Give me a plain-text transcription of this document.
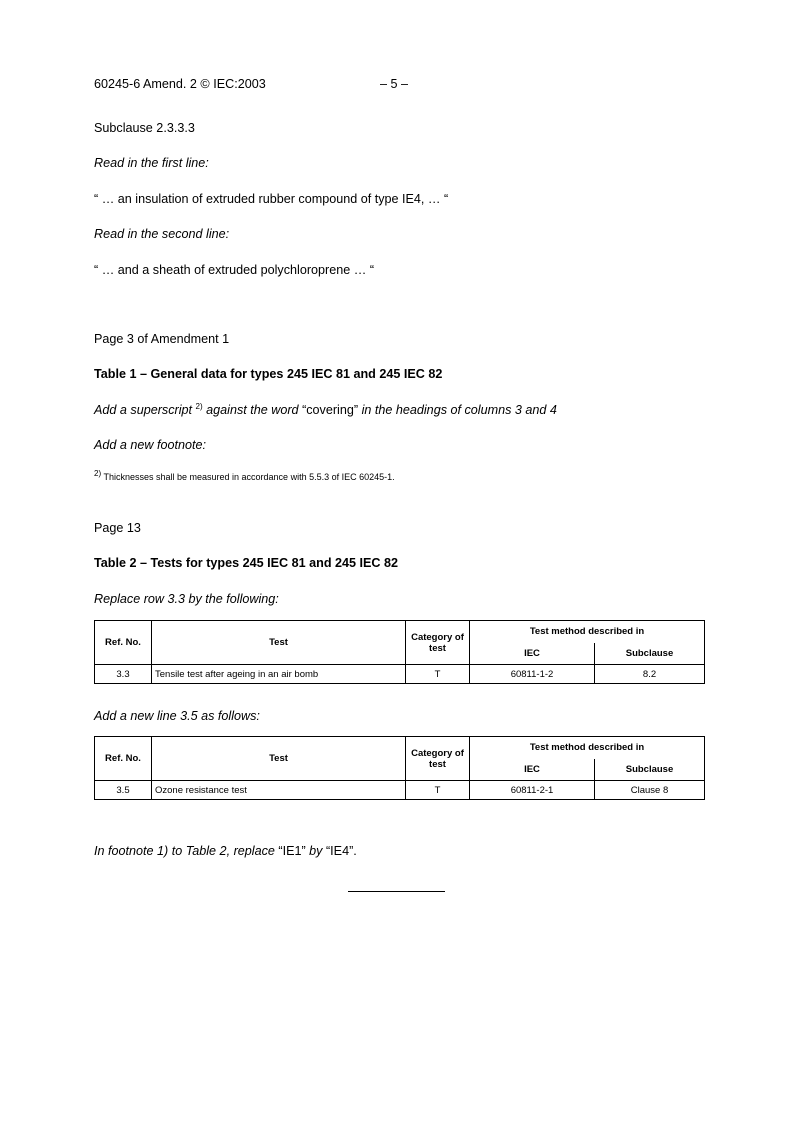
60245-6 Amend. 2 © IEC:2003	– 5 –
Subclause 2.3.3.3
Read in the first line:
“ … an insulation of extruded rubber compound of type IE4, … “
Read in the second line:
“ … and a sheath of extruded polychloroprene … “
Page 3 of Amendment 1
Table 1 – General data for types 245 IEC 81 and 245 IEC 82
Add a superscript $^{2)}$ against the word “covering” in the headings of columns 3 and 4
Add a new footnote:
$^{2)}$ Thicknesses shall be measured in accordance with 5.5.3 of IEC 60245-1.
Page 13
Table 2 – Tests for types 245 IEC 81 and 245 IEC 82
Replace row 3.3 by the following:
Ref. No.	Test	Category of test	Test method described in	
			IEC	Subclause
3.3	Tensile test after ageing in an air bomb	T	60811-1-2	8.2
Add a new line 3.5 as follows:
Ref. No.	Test	Category of test	Test method described in	
			IEC	Subclause
3.5	Ozone resistance test	T	60811-2-1	Clause 8
In footnote 1) to Table 2, replace “IE1” by “IE4”.
